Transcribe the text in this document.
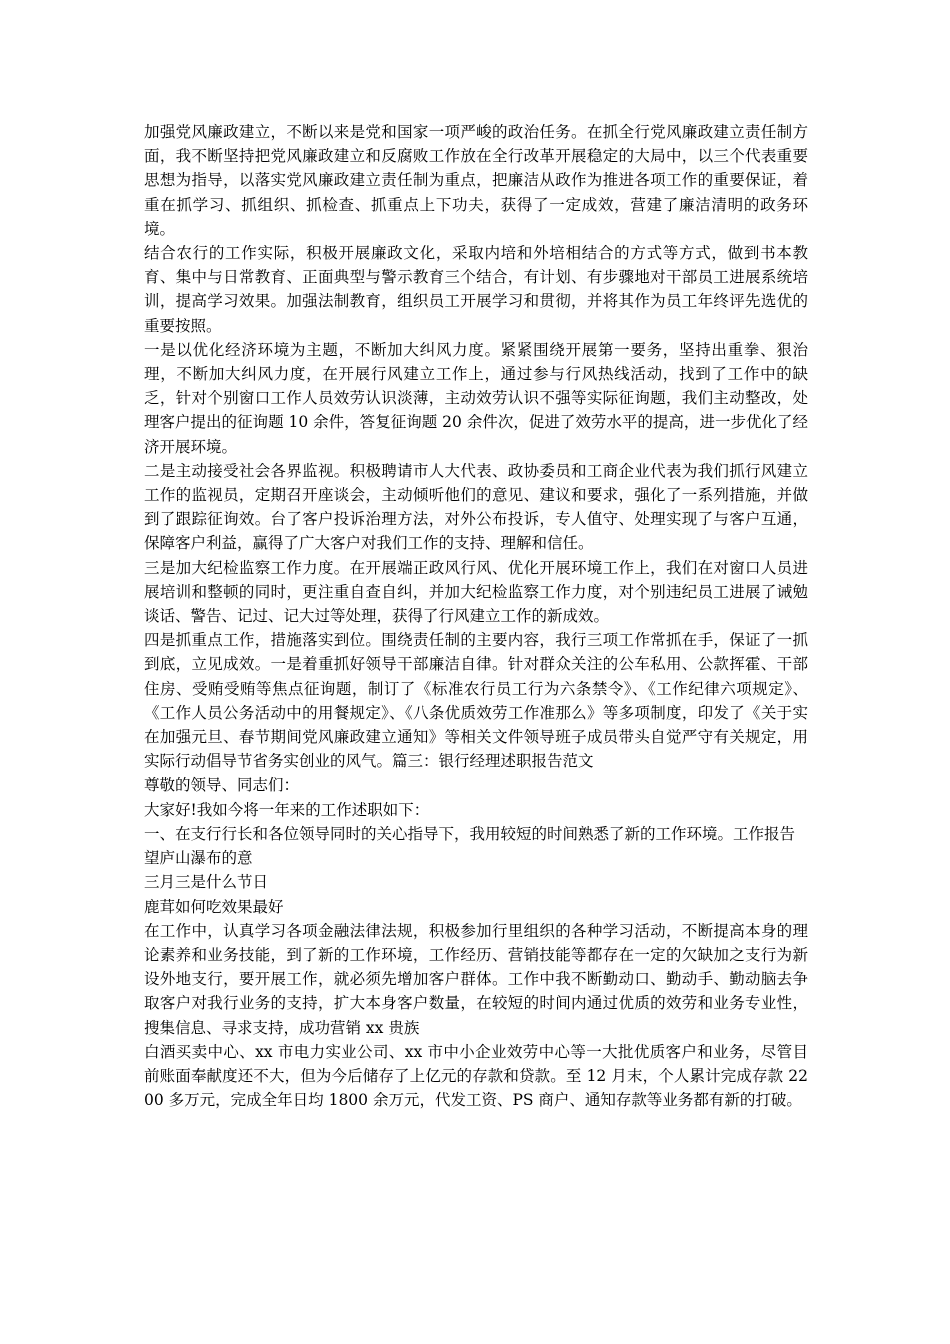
加强党风廉政建立，不断以来是党和国家一项严峻的政治任务。在抓全行党风廉政建立责任制方面，我不断坚持把党风廉政建立和反腐败工作放在全行改革开展稳定的大局中，以三个代表重要思想为指导，以落实党风廉政建立责任制为重点，把廉洁从政作为推进各项工作的重要保证，着重在抓学习、抓组织、抓检查、抓重点上下功夫，获得了一定成效，营建了廉洁清明的政务环境。

结合农行的工作实际，积极开展廉政文化，采取内培和外培相结合的方式等方式，做到书本教育、集中与日常教育、正面典型与警示教育三个结合，有计划、有步骤地对干部员工进展系统培训，提高学习效果。加强法制教育，组织员工开展学习和贯彻，并将其作为员工年终评先选优的重要按照。

一是以优化经济环境为主题，不断加大纠风力度。紧紧围绕开展第一要务，坚持出重拳、狠治理，不断加大纠风力度，在开展行风建立工作上，通过参与行风热线活动，找到了工作中的缺乏，针对个别窗口工作人员效劳认识淡薄，主动效劳认识不强等实际征询题，我们主动整改，处理客户提出的征询题 10 余件，答复征询题 20 余件次，促进了效劳水平的提高，进一步优化了经济开展环境。

二是主动接受社会各界监视。积极聘请市人大代表、政协委员和工商企业代表为我们抓行风建立工作的监视员，定期召开座谈会，主动倾听他们的意见、建议和要求，强化了一系列措施，并做到了跟踪征询效。台了客户投诉治理方法，对外公布投诉，专人值守、处理实现了与客户互通，保障客户利益，赢得了广大客户对我们工作的支持、理解和信任。

三是加大纪检监察工作力度。在开展端正政风行风、优化开展环境工作上，我们在对窗口人员进展培训和整顿的同时，更注重自查自纠，并加大纪检监察工作力度，对个别违纪员工进展了诫勉谈话、警告、记过、记大过等处理，获得了行风建立工作的新成效。

四是抓重点工作，措施落实到位。围绕责任制的主要内容，我行三项工作常抓在手，保证了一抓到底，立见成效。一是着重抓好领导干部廉洁自律。针对群众关注的公车私用、公款挥霍、干部住房、受贿受贿等焦点征询题，制订了《标准农行员工行为六条禁令》、《工作纪律六项规定》、《工作人员公务活动中的用餐规定》、《八条优质效劳工作准那么》等多项制度，印发了《关于实在加强元旦、春节期间党风廉政建立通知》等相关文件领导班子成员带头自觉严守有关规定，用实际行动倡导节省务实创业的风气。篇三：银行经理述职报告范文

尊敬的领导、同志们：

大家好!我如今将一年来的工作述职如下：

一、在支行行长和各位领导同时的关心指导下，我用较短的时间熟悉了新的工作环境。工作报告

望庐山瀑布的意

三月三是什么节日

鹿茸如何吃效果最好

在工作中，认真学习各项金融法律法规，积极参加行里组织的各种学习活动，不断提高本身的理论素养和业务技能，到了新的工作环境，工作经历、营销技能等都存在一定的欠缺加之支行为新设外地支行，要开展工作，就必须先增加客户群体。工作中我不断勤动口、勤动手、勤动脑去争取客户对我行业务的支持，扩大本身客户数量，在较短的时间内通过优质的效劳和业务专业性，搜集信息、寻求支持，成功营销 xx 贵族

白酒买卖中心、xx 市电力实业公司、xx 市中小企业效劳中心等一大批优质客户和业务，尽管目前账面奉献度还不大，但为今后储存了上亿元的存款和贷款。至 12 月末，个人累计完成存款 2200 多万元，完成全年日均 1800 余万元，代发工资、PS 商户、通知存款等业务都有新的打破。
